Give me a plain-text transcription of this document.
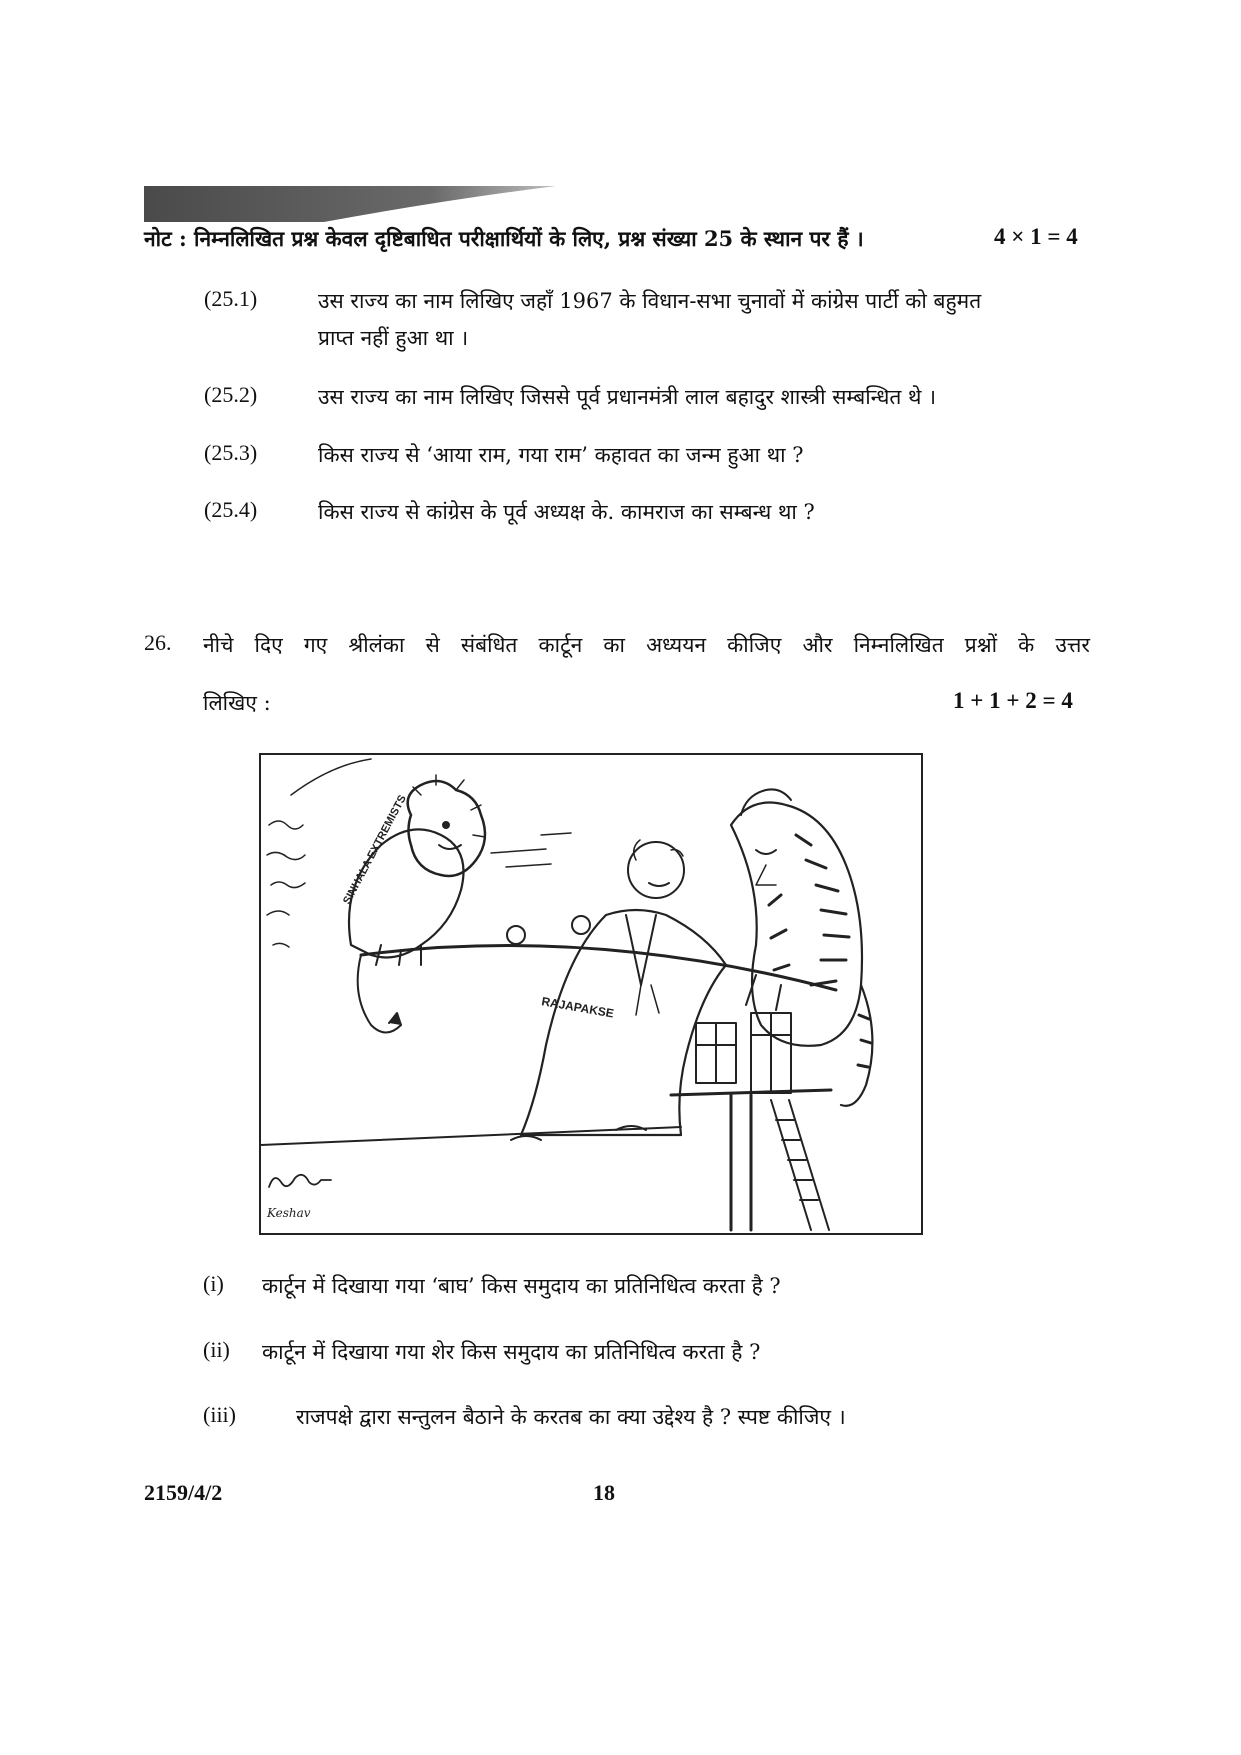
नोट : निम्नलिखित प्रश्न केवल दृष्टिबाधित परीक्षार्थियों के लिए, प्रश्न संख्या 25 के स्थान पर हैं ।	4 × 1 = 4
(25.1)	उस राज्य का नाम लिखिए जहाँ 1967 के विधान-सभा चुनावों में कांग्रेस पार्टी को बहुमत
प्राप्त नहीं हुआ था ।
(25.2)	उस राज्य का नाम लिखिए जिससे पूर्व प्रधानमंत्री लाल बहादुर शास्त्री सम्बन्धित थे ।
(25.3)	किस राज्य से ‘आया राम, गया राम’ कहावत का जन्म हुआ था ?
(25.4)	किस राज्य से कांग्रेस के पूर्व अध्यक्ष के. कामराज का सम्बन्ध था ?
26. नीचे दिए गए श्रीलंका से संबंधित कार्टून का अध्ययन कीजिए और निम्नलिखित प्रश्नों के उत्तर
लिखिए :	1 + 1 + 2 = 4
SINHALA EXTREMISTS
RAJAPAKSE
Keshav
(i) कार्टून में दिखाया गया ‘बाघ’ किस समुदाय का प्रतिनिधित्व करता है ?
(ii) कार्टून में दिखाया गया शेर किस समुदाय का प्रतिनिधित्व करता है ?
(iii)	राजपक्षे द्वारा सन्तुलन बैठाने के करतब का क्या उद्देश्य है ? स्पष्ट कीजिए ।
2159/4/2	18
